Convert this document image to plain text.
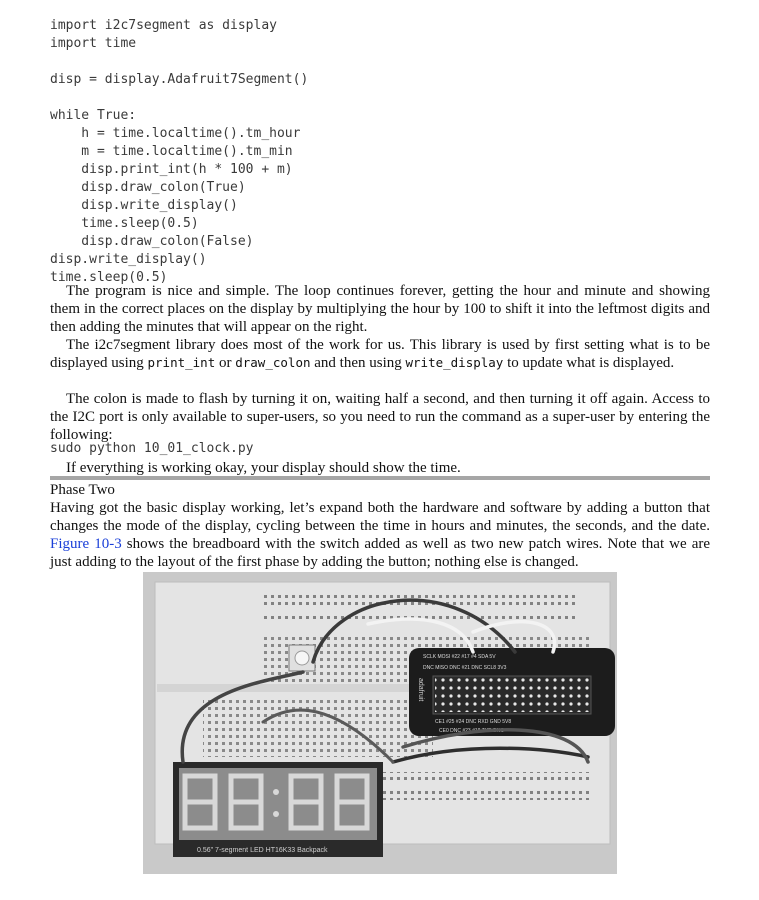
import i2c7segment as display
import time

disp = display.Adafruit7Segment()

while True:
h = time.localtime().tm_hour
m = time.localtime().tm_min
disp.print_int(h * 100 + m)
disp.draw_colon(True)
disp.write_display()
time.sleep(0.5)
disp.draw_colon(False)
disp.write_display()
time.sleep(0.5)

The program is nice and simple. The loop continues forever, getting the hour and minute and showing them in the correct places on the display by multiplying the hour by 100 to shift it into the leftmost digits and then adding the minutes that will appear on the right.

The i2c7segment library does most of the work for us. This library is used by first setting what is to be displayed using print_int or draw_colon and then using write_display to update what is displayed.

The colon is made to flash by turning it on, waiting half a second, and then turning it off again. Access to the I2C port is only available to super-users, so you need to run the command as a super-user by entering the following:

sudo python 10_01_clock.py

If everything is working okay, your display should show the time.

Phase Two

Having got the basic display working, let’s expand both the hardware and software by adding a button that changes the mode of the display, cycling between the time in hours and minutes, the seconds, and the date. Figure 10-3 shows the breadboard with the switch added as well as two new patch wires. Note that we are just adding to the layout of the first phase by adding the button; nothing else is changed.

SCLK MOSI #22 #17 #4 SDA 5V
DNC MISO DNC #21 DNC SCL8 3V3
CE1 #25 #24 DNC RXD GND 5V8
CE0 DNC #23 #18 TXD DNC
adafruit
0.56" 7-segment LED HT16K33 Backpack
